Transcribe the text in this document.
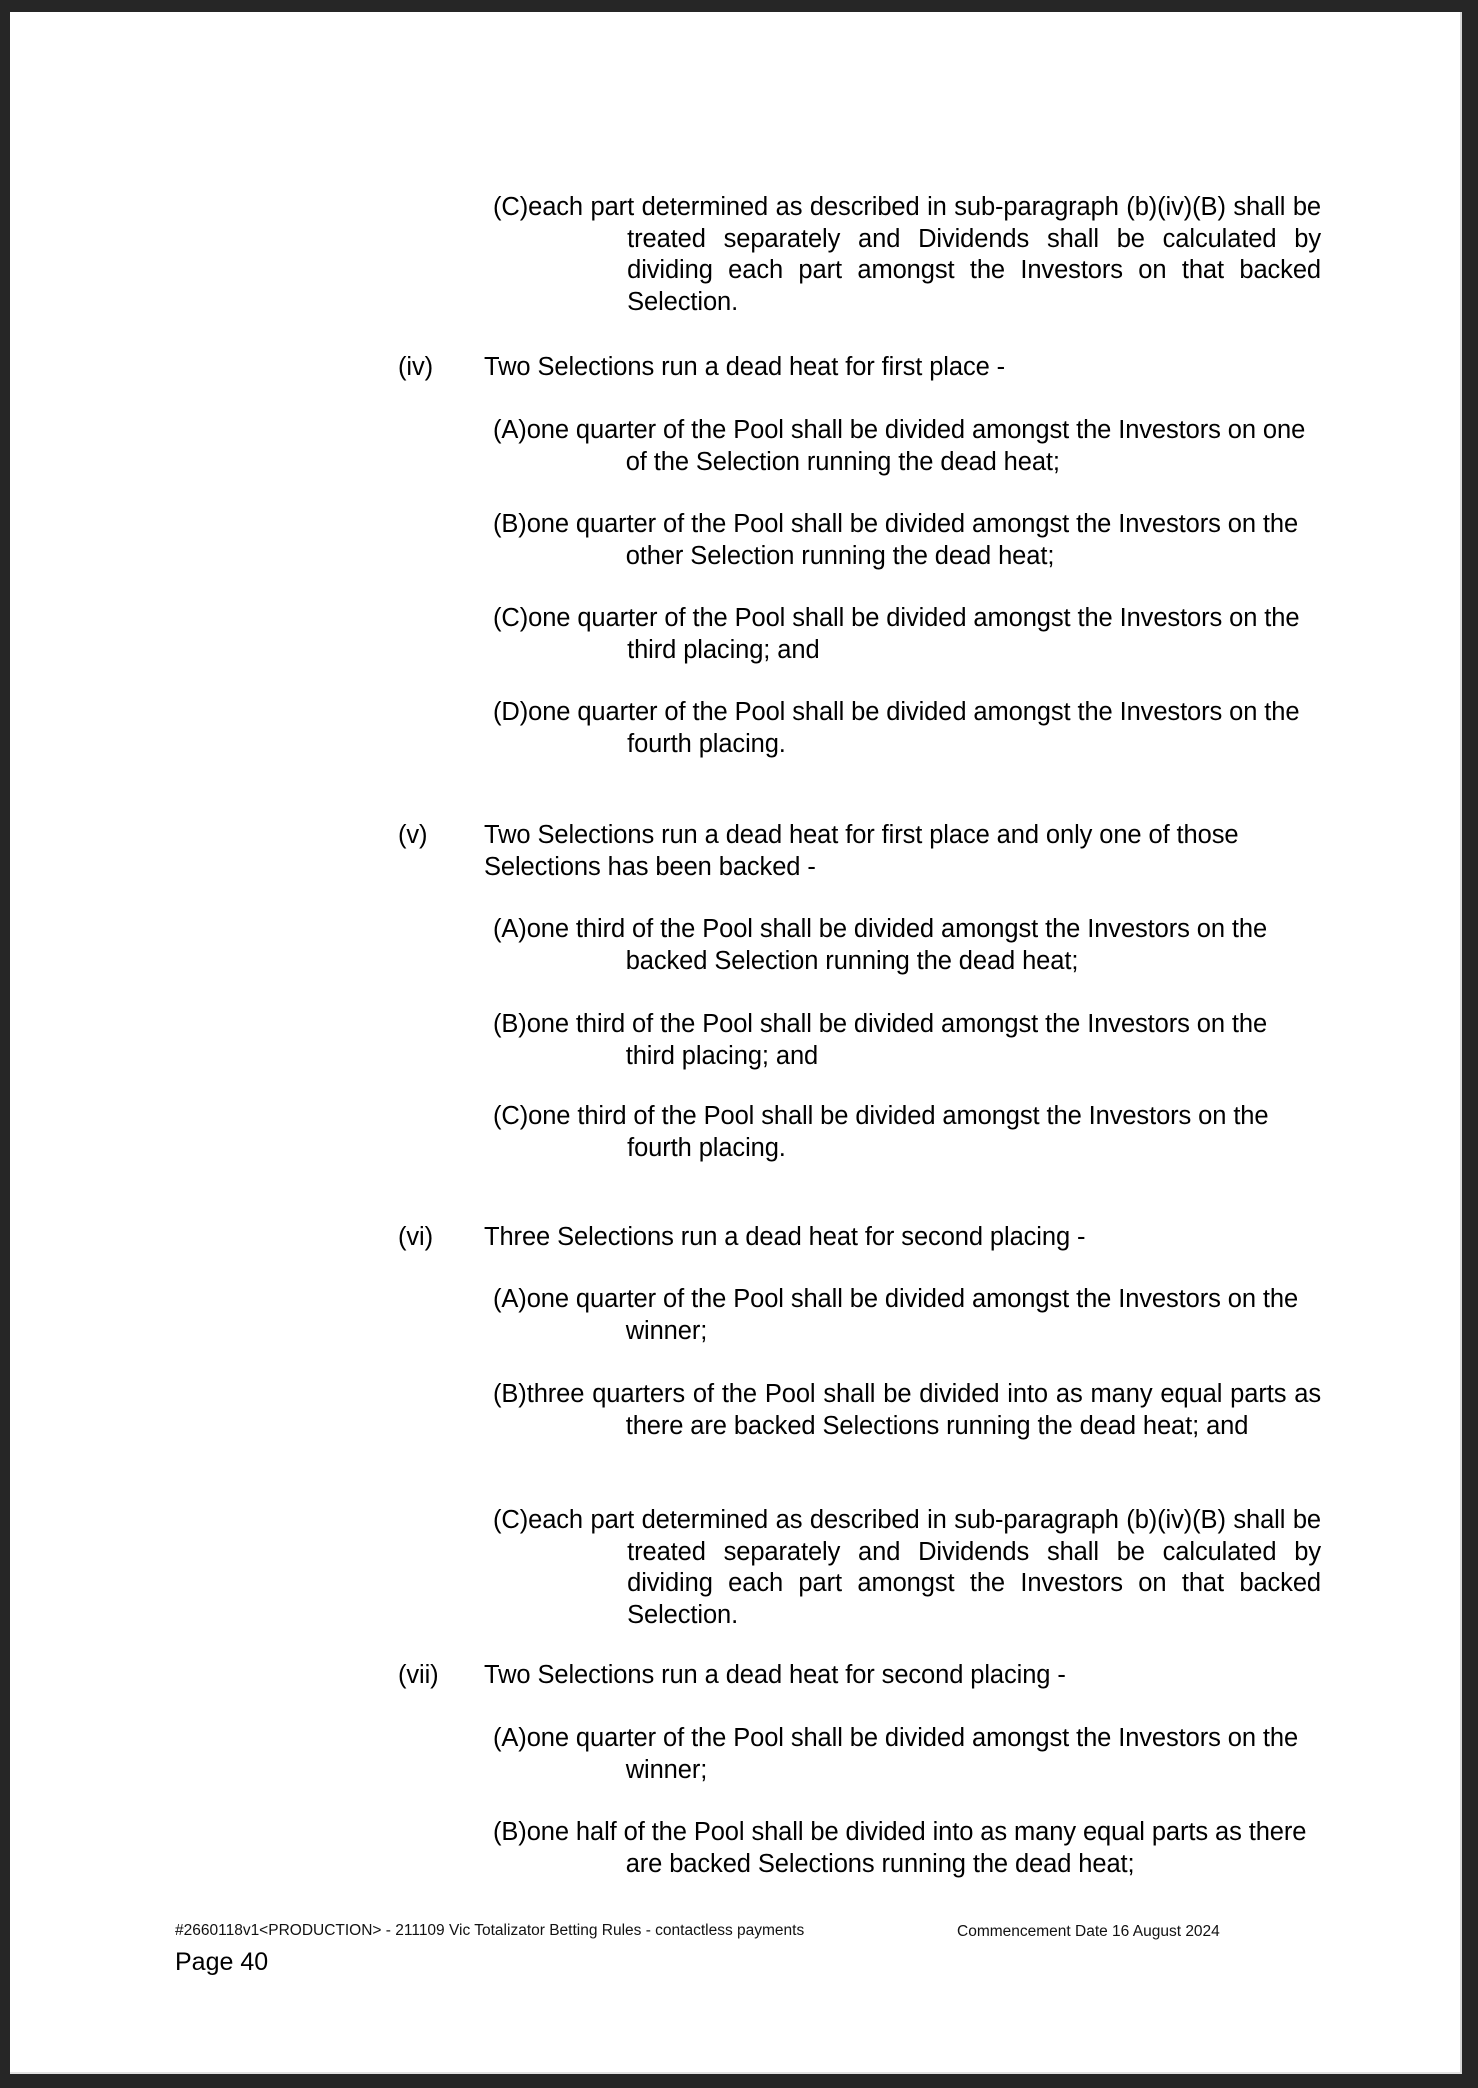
(C) each part determined as described in sub-paragraph (b)(iv)(B) shall be treated separately and Dividends shall be calculated by dividing each part amongst the Investors on that backed Selection.
(iv)	Two Selections run a dead heat for first place -
(A) one quarter of the Pool shall be divided amongst the Investors on one of the Selection running the dead heat;
(B) one quarter of the Pool shall be divided amongst the Investors on the other Selection running the dead heat;
(C) one quarter of the Pool shall be divided amongst the Investors on the third placing; and
(D) one quarter of the Pool shall be divided amongst the Investors on the fourth placing.
(v)	Two Selections run a dead heat for first place and only one of those Selections has been backed -
(A) one third of the Pool shall be divided amongst the Investors on the backed Selection running the dead heat;
(B) one third of the Pool shall be divided amongst the Investors on the third placing; and
(C) one third of the Pool shall be divided amongst the Investors on the fourth placing.
(vi)	Three Selections run a dead heat for second placing -
(A) one quarter of the Pool shall be divided amongst the Investors on the winner;
(B) three quarters of the Pool shall be divided into as many equal parts as there are backed Selections running the dead heat; and
(C) each part determined as described in sub-paragraph (b)(iv)(B) shall be treated separately and Dividends shall be calculated by dividing each part amongst the Investors on that backed Selection.
(vii)	Two Selections run a dead heat for second placing -
(A) one quarter of the Pool shall be divided amongst the Investors on the winner;
(B) one half of the Pool shall be divided into as many equal parts as there are backed Selections running the dead heat;
#2660118v1<PRODUCTION> - 211109 Vic Totalizator Betting Rules - contactless payments	Commencement Date 16 August 2024
Page 40
